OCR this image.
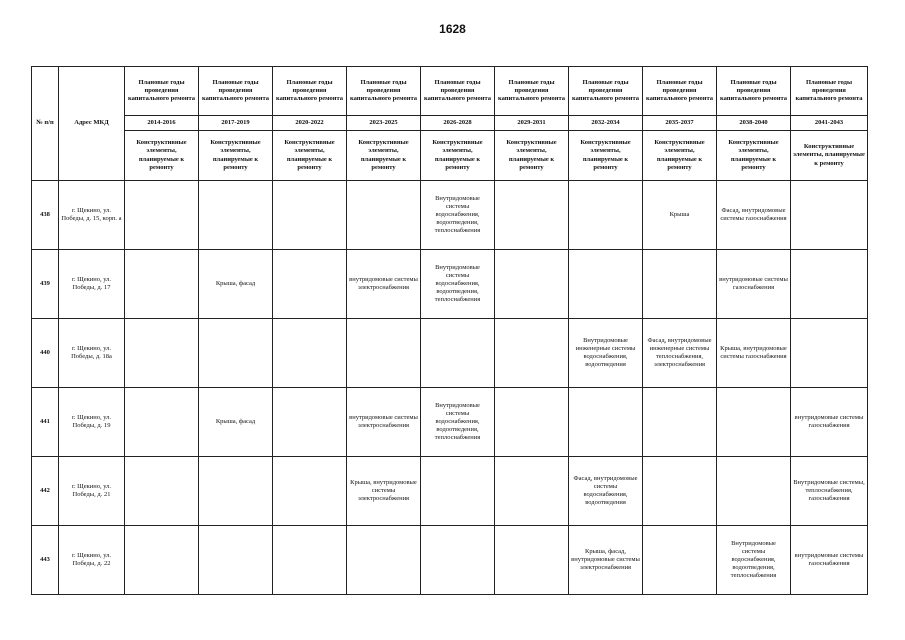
1628
№ п/п	Адрес МКД	Плановые годы проведения капитального ремонта	Плановые годы проведения капитального ремонта	Плановые годы проведения капитального ремонта	Плановые годы проведения капитального ремонта	Плановые годы проведения капитального ремонта	Плановые годы проведения капитального ремонта	Плановые годы проведения капитального ремонта	Плановые годы проведения капитального ремонта	Плановые годы проведения капитального ремонта	Плановые годы проведения капитального ремонта
		2014-2016	2017-2019	2020-2022	2023-2025	2026-2028	2029-2031	2032-2034	2035-2037	2038-2040	2041-2043
		Конструктивные элементы, планируемые к ремонту	Конструктивные элементы, планируемые к ремонту	Конструктивные элементы, планируемые к ремонту	Конструктивные элементы, планируемые к ремонту	Конструктивные элементы, планируемые к ремонту	Конструктивные элементы, планируемые к ремонту	Конструктивные элементы, планируемые к ремонту	Конструктивные элементы, планируемые к ремонту	Конструктивные элементы, планируемые к ремонту	Конструктивные элементы, планируемые к ремонту
438	г. Щекино, ул. Победы, д. 15, корп. а					Внутридомовые системы водоснабжения, водоотведения, теплоснабжения			Крыша	Фасад, внутридомовые системы газоснабжения	
439	г. Щекино, ул. Победы, д. 17		Крыша, фасад		внутридомовые системы электроснабжения	Внутридомовые системы водоснабжения, водоотведения, теплоснабжения				внутридомовые системы газоснабжения	
440	г. Щекино, ул. Победы, д. 18а							Внутридомовые инженерные системы водоснабжения, водоотведения	Фасад, внутридомовые инженерные системы теплоснабжения, электроснабжения	Крыша, внутридомовые системы газоснабжения	
441	г. Щекино, ул. Победы, д. 19		Крыша, фасад		внутридомовые системы электроснабжения	Внутридомовые системы водоснабжения, водоотведения, теплоснабжения					внутридомовые системы газоснабжения
442	г. Щекино, ул. Победы, д. 21				Крыша, внутридомовые системы электроснабжения			Фасад, внутридомовые системы водоснабжения, водоотведения			Внутридомовые системы, теплоснабжения, газоснабжения
443	г. Щекино, ул. Победы, д. 22							Крыша, фасад, внутридомовые системы электроснабжения		Внутридомовые системы водоснабжения, водоотведения, теплоснабжения	внутридомовые системы газоснабжения
